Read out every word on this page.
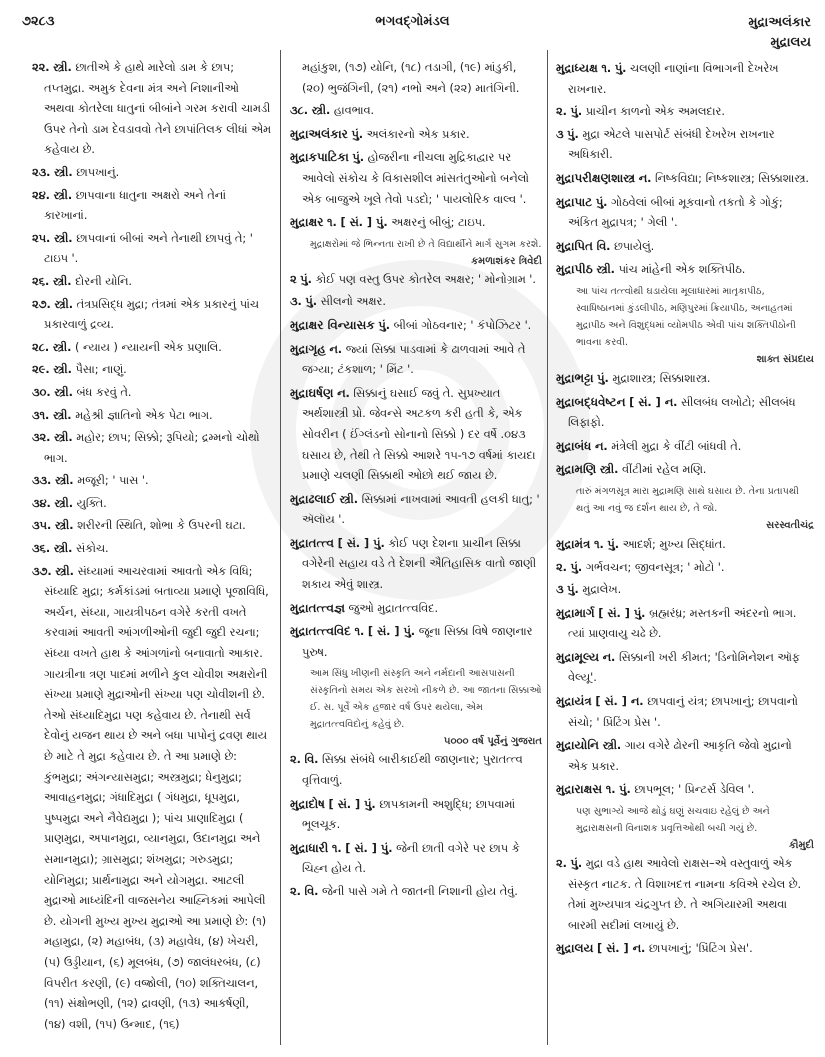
૭૨૮૩	ભગવદ્ગોમંડલ	મુદ્રાઅલંકાર
મુદ્રાલય
૨૨. સ્ત્રી. છાતીએ કે હાથે મારેલો ડામ કે છાપ; તપ્તમુદ્રા. અમુક દેવના મંત્ર અને નિશાનીઓ અથવા કોતરેલા ધાતુનાં બીબાંને ગરમ કરાવી ચામડી ઉપર તેનો ડામ દેવડાવવો તેને છાપાંતિલક લીધાં એમ કહેવાય છે.
૨૩. સ્ત્રી. છાપખાનું.
૨૪. સ્ત્રી. છાપવાના ધાતુના અક્ષરો અને તેનાં કારખાનાં.
૨૫. સ્ત્રી. છાપવાનાં બીબાં અને તેનાથી છાપવું તે; ' ટાઇપ '.
૨૬. સ્ત્રી. દોરની યોનિ.
૨૭. સ્ત્રી. તંત્રપ્રસિદ્ધ મુદ્રા; તંત્રમાં એક પ્રકારનું પાંચ પ્રકારવાળું દ્રવ્ય.
૨૮. સ્ત્રી. ( ન્યાય ) ન્યાયની એક પ્રણાલિ.
૨૯. સ્ત્રી. પૈસા; નાણું.
૩૦. સ્ત્રી. બંધ કરવું તે.
૩૧. સ્ત્રી. મહેશ્રી જ્ઞાતિનો એક પેટા ભાગ.
૩૨. સ્ત્રી. મહોર; છાપ; સિક્કો; રૂપિયો; દ્રમ્મનો ચોથો ભાગ.
૩૩. સ્ત્રી. મજૂરી; ' પાસ '.
૩૪. સ્ત્રી. યુક્તિ.
૩૫. સ્ત્રી. શરીરની સ્થિતિ, શોભા કે ઉપરની ઘટા.
૩૬. સ્ત્રી. સંકોચ.
૩૭. સ્ત્રી. સંધ્યામાં આચરવામાં આવતો એક વિધિ; સંધ્યાદિ મુદ્રા; કર્મકાંડમાં બતાવ્યા પ્રમાણે પૂજાવિધિ, અર્ચન, સંધ્યા, ગાયત્રીપઠન વગેરે કરતી વખતે કરવામાં આવતી આંગળીઓની જુદી જુદી રચના; સંધ્યા વખતે હાથ કે આંગળાંનો બનાવાતો આકાર. ગાયત્રીના ત્રણ પાદમાં મળીને કુલ ચોવીશ અક્ષરોની સંખ્યા પ્રમાણે મુદ્રાઓની સંખ્યા પણ ચોવીશની છે. તેઓ સંધ્યાદિમુદ્રા પણ કહેવાય છે. તેનાથી સર્વ દેવોનું યજન થાય છે અને બધા પાપોનું દ્રવણ થાય છે માટે તે મુદ્રા કહેવાય છે. તે આ પ્રમાણે છે: કુંભમુદ્રા; અંગન્યાસમુદ્રા; અસ્ત્રમુદ્રા; ધેનુમુદ્રા; આવાહનમુદ્રા; ગંધાદિમુદ્રા ( ગંધમુદ્રા, ધૂપમુદ્રા, પુષ્પમુદ્રા અને નૈવેદ્યમુદ્રા ); પાંચ પ્રાણાદિમુદ્રા ( પ્રાણમુદ્રા, અપાનમુદ્રા, વ્યાનમુદ્રા, ઉદાનમુદ્રા અને સમાનમુદ્રા); ગ્રાસમુદ્રા; શંખમુદ્રા; ગરુડમુદ્રા; યોનિમુદ્રા; પ્રાર્થનામુદ્રા અને યોગમુદ્રા. આટલી મુદ્રાઓ માધ્યંદિની વાજસનેય આહ્નિકમાં આપેલી છે. યોગની મુખ્ય મુખ્ય મુદ્રાઓ આ પ્રમાણે છે: (૧) મહામુદ્રા, (૨) મહાબંધ, (૩) મહાવેધ, (૪) ખેચરી, (૫) ઉડ્ડીયાન, (૬) મૂલબંધ, (૭) જાલંધરબંધ, (૮) વિપરીત કરણી, (૯) વજ્રોલી, (૧૦) શક્તિચાલન, (૧૧) સંક્ષોભણી, (૧૨) દ્રાવણી, (૧૩) આકર્ષણી, (૧૪) વશી, (૧૫) ઉન્માદ, (૧૬)
મહાંકુશ, (૧૭) યોનિ, (૧૮) તડાગી, (૧૯) માંડુકી, (૨૦) ભુજંગિની, (૨૧) નભો અને (૨૨) માતંગિની.
૩૮. સ્ત્રી. હાવભાવ.
મુદ્રાઅલંકાર પું. અલંકારનો એક પ્રકાર.
મુદ્રાકપાટિકા પું. હોજરીના નીચલા મુદ્રિકાદ્વાર પર આવેલો સંકોચ કે વિકાસશીલ માંસતંતુઓનો બનેલો એક બાજુએ ખૂલે તેવો પડદો; ' પાયલોરિક વાલ્વ '.
મુદ્રાક્ષર ૧. [ સં. ] પું. અક્ષરનું બીબું; ટાઇપ.
મુદ્રાક્ષરોમાં જે ભિન્નતા રાખી છે તે વિદ્યાર્થીને માર્ગ સુગમ કરશે.
કમળાશંકર ત્રિવેદી
૨ પું. કોઈ પણ વસ્તુ ઉપર કોતરેલ અક્ષર; ' મોનોગ્રામ '.
૩. પું. સીલનો અક્ષર.
મુદ્રાક્ષર વિન્યાસક પું. બીબાં ગોઠવનાર; ' કંપોઝિટર '.
મુદ્રાગૃહ ન. જ્યાં સિક્કા પાડવામાં કે ઢાળવામાં આવે તે જગ્યા; ટંકશાળ; ' મિંટ '.
મુદ્રાઘર્ષણ ન. સિક્કાનું ઘસાઈ જવું તે. સુપ્રખ્યાત અર્થશાસ્ત્રી પ્રો. જેવન્સે અટકળ કરી હતી કે, એક સોવરીન ( ઈંગ્લંડનો સોનાનો સિક્કો ) દર વર્ષે .૦૪૩ ઘસાય છે, તેથી તે સિક્કો આશરે ૧૫-૧૭ વર્ષમાં કાયદા પ્રમાણે ચલણી સિક્કાથી ઓછો થઈ જાય છે.
મુદ્રાઢલાઈ સ્ત્રી. સિક્કામાં નાખવામાં આવતી હલકી ધાતુ; ' ઍલૉય '.
મુદ્રાતત્ત્વ [ સં. ] પું. કોઈ પણ દેશના પ્રાચીન સિક્કા વગેરેની સહાય વડે તે દેશની ઐતિહાસિક વાતો જાણી શકાય એવું શાસ્ત્ર.
મુદ્રાતત્ત્વજ્ઞ જુઓ મુદ્રાતત્ત્વવિદ.
મુદ્રાતત્ત્વવિદ ૧. [ સં. ] પું. જૂના સિક્કા વિષે જાણનાર પુરુષ.
આમ સિંધુ ખીણની સંસ્કૃતિ અને નર્મદાની આસપાસની સંસ્કૃતિનો સમય એક સરખો નીકળે છે. આ જાતના સિક્કાઓ ઈ. સ. પૂર્વે એક હજાર વર્ષ ઉપર થયેલા, એમ મુદ્રાતત્ત્વવિદોનું કહેવું છે.
૫૦૦૦ વર્ષ પૂર્વેનું ગુજરાત
૨. વિ. સિક્કા સંબંધે બારીકાઈથી જાણનાર; પુરાતત્ત્વ વૃત્તિવાળું.
મુદ્રાદોષ [ સં. ] પું. છાપકામની અશુદ્ધિ; છાપવામાં ભૂલચૂક.
મુદ્રાધારી ૧. [ સં. ] પું. જેની છાતી વગેરે પર છાપ કે ચિહ્ન હોય તે.
૨. વિ. જેની પાસે ગમે તે જાતની નિશાની હોય તેવું.
મુદ્રાધ્યક્ષ ૧. પું. ચલણી નાણાંના વિભાગની દેખરેખ રાખનાર.
૨. પું. પ્રાચીન કાળનો એક અમલદાર.
૩ પું. મુદ્રા એટલે પાસપોર્ટ સંબંધી દેખરેખ રાખનાર અધિકારી.
મુદ્રાપરીક્ષણશાસ્ત્ર ન. નિષ્કવિદ્યા; નિષ્કશાસ્ત્ર; સિક્કાશાસ્ત્ર.
મુદ્રાપાટ પું. ગોઠવેલાં બીબાં મૂકવાનો તકતો કે ગોકું; અંકિત મુદ્રાપત્ર; ' ગેલી '.
મુદ્રાપિત વિ. છપાયેલું.
મુદ્રાપીઠ સ્ત્રી. પાંચ માંહેની એક શક્તિપીઠ.
આ પાંચ તત્ત્વોથી ઘડાયેલા મૂલાધારમાં માતૃકાપીઠ, સ્વાધિષ્ઠાનમાં કુંડલીપીઠ, મણિપુરમાં ક્રિયાપીઠ, અનાહતમાં મુદ્રાપીઠ અને વિશુદ્ધમાં વ્યોમપીઠ એવી પાંચ શક્તિપીઠોની ભાવના કરવી.
શાક્ત સંપ્રદાય
મુદ્રાભટ્ટા પું. મુદ્રાશાસ્ત્ર; સિક્કાશાસ્ત્ર.
મુદ્રાબદ્ધવેષ્ટન [ સં. ] ન. સીલબંધ લખોટો; સીલબંધ લિફાફો.
મુદ્રાબંધ ન. મંત્રેલી મુદ્રા કે વીંટી બાંધવી તે.
મુદ્રામણિ સ્ત્રી. વીંટીમાં રહેલ મણિ.
તારું મંગળસૂત્ર મારા મુદ્રામણિ સાથે ઘસાય છે. તેના પ્રતાપથી થતું આ નવું જ દર્શન થાય છે, તે જો.
સરસ્વતીચંદ્ર
મુદ્રામંત્ર ૧. પું. આદર્શ; મુખ્ય સિદ્ધાંત.
૨. પું. ગર્ભવચન; જીવનસૂત્ર; ' મોટો '.
૩ પું. મુદ્રાલેખ.
મુદ્રામાર્ગ [ સં. ] પું. બ્રહ્મરંધ્ર; મસ્તકની અંદરનો ભાગ. ત્યાં પ્રાણવાયુ ચઢે છે.
મુદ્રામૂલ્ય ન. સિક્કાની ખરી કીમત; 'ડિનોમિનેશન ઑફ વેલ્યૂ'.
મુદ્રાયંત્ર [ સં. ] ન. છાપવાનું યંત્ર; છાપખાનું; છાપવાનો સંચો; ' પ્રિંટિંગ પ્રેસ '.
મુદ્રાયોનિ સ્ત્રી. ગાય વગેરે ઢોરની આકૃતિ જેવો મુદ્રાનો એક પ્રકાર.
મુદ્રારાક્ષસ ૧. પું. છાપભૂલ; ' પ્રિન્ટર્સ ડેવિલ '.
પણ સુભાગ્યે આજે થોડું ઘણું સચવાઇ રહેલું છે અને મુદ્રારાક્ષસની વિનાશક પ્રવૃત્તિઓથી બચી ગયું છે.
કૌમુદી
૨. પું. મુદ્રા વડે હાથ આવેલો રાક્ષસ–એ વસ્તુવાળું એક સંસ્કૃત નાટક. તે વિશાખદત્ત નામના કવિએ રચેલ છે. તેમાં મુખ્યપાત્ર ચંદ્રગુપ્ત છે. તે અગિયારમી અથવા બારમી સદીમાં લખાયું છે.
મુદ્રાલય [ સં. ] ન. છાપખાનું; 'પ્રિંટિંગ પ્રેસ'.
